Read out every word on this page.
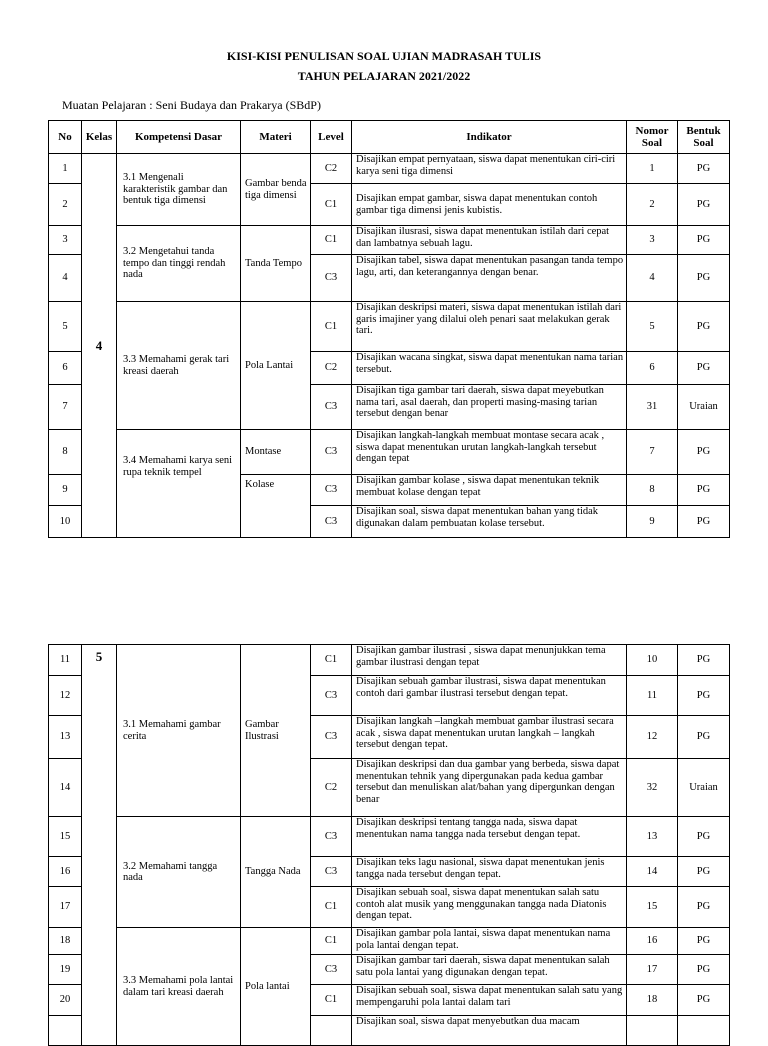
KISI-KISI PENULISAN SOAL UJIAN MADRASAH TULIS
TAHUN PELAJARAN 2021/2022
Muatan Pelajaran : Seni Budaya dan Prakarya (SBdP)
No	Kelas	Kompetensi Dasar	Materi	Level	Indikator	Nomor Soal	Bentuk Soal
1	4	3.1 Mengenali karakteristik gambar dan bentuk tiga dimensi	Gambar benda tiga dimensi	C2	Disajikan empat pernyataan, siswa dapat menentukan ciri-ciri karya seni tiga dimensi	1	PG
2				C1	Disajikan empat gambar, siswa dapat menentukan contoh gambar tiga dimensi jenis kubistis.	2	PG
3		3.2 Mengetahui tanda tempo dan tinggi rendah nada	Tanda Tempo	C1	Disajikan ilusrasi, siswa dapat menentukan istilah dari cepat dan lambatnya sebuah lagu.	3	PG
4				C3	Disajikan tabel, siswa dapat menentukan pasangan tanda tempo lagu, arti, dan keterangannya dengan benar.	4	PG
5		3.3 Memahami gerak tari kreasi daerah	Pola Lantai	C1	Disajikan deskripsi materi, siswa dapat menentukan istilah dari garis imajiner yang dilalui oleh penari saat melakukan gerak tari.	5	PG
6				C2	Disajikan wacana singkat, siswa dapat menentukan nama tarian tersebut.	6	PG
7				C3	Disajikan tiga gambar tari daerah, siswa dapat meyebutkan nama tari, asal daerah, dan properti masing-masing tarian tersebut dengan benar	31	Uraian
8		3.4 Memahami karya seni rupa teknik tempel	Montase	C3	Disajikan langkah-langkah membuat montase secara acak , siswa dapat menentukan urutan langkah-langkah tersebut dengan tepat	7	PG
9			Kolase	C3	Disajikan gambar kolase , siswa dapat menentukan teknik membuat kolase dengan tepat	8	PG
10				C3	Disajikan soal, siswa dapat menentukan bahan yang tidak digunakan dalam pembuatan kolase tersebut.	9	PG
11	5	3.1 Memahami gambar cerita	Gambar Ilustrasi	C1	Disajikan gambar ilustrasi , siswa dapat menunjukkan tema gambar ilustrasi dengan tepat	10	PG
12				C3	Disajikan sebuah gambar ilustrasi, siswa dapat menentukan contoh dari gambar ilustrasi tersebut dengan tepat.	11	PG
13				C3	Disajikan langkah –langkah membuat gambar ilustrasi secara acak , siswa dapat menentukan urutan langkah – langkah tersebut dengan tepat.	12	PG
14				C2	Disajikan deskripsi dan dua gambar yang berbeda, siswa dapat menentukan tehnik yang dipergunakan pada kedua gambar tersebut dan menuliskan alat/bahan yang dipergunkan dengan benar	32	Uraian
15		3.2 Memahami tangga nada	Tangga Nada	C3	Disajikan deskripsi tentang tangga nada, siswa dapat menentukan nama tangga nada tersebut dengan tepat.	13	PG
16				C3	Disajikan teks lagu nasional, siswa dapat menentukan jenis tangga nada tersebut dengan tepat.	14	PG
17				C1	Disajikan sebuah soal, siswa dapat menentukan salah satu contoh alat musik yang menggunakan tangga nada Diatonis dengan tepat.	15	PG
18		3.3 Memahami pola lantai dalam tari kreasi daerah	Pola lantai	C1	Disajikan gambar pola lantai, siswa dapat menentukan nama pola lantai dengan tepat.	16	PG
19				C3	Disajikan gambar tari daerah, siswa dapat menentukan salah satu pola lantai yang digunakan dengan tepat.	17	PG
20				C1	Disajikan sebuah soal, siswa dapat menentukan salah satu yang mempengaruhi pola lantai dalam tari	18	PG
					Disajikan soal, siswa dapat menyebutkan dua macam		
